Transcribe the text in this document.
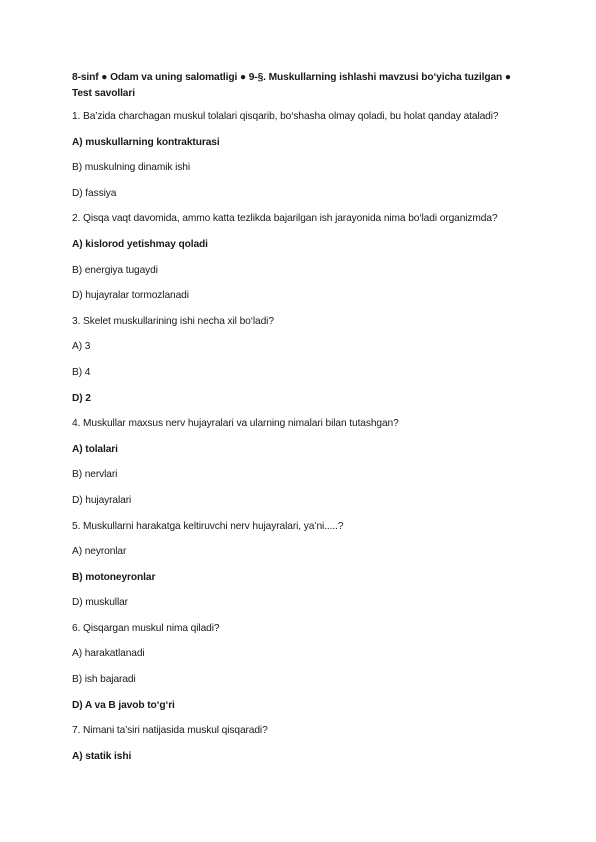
8-sinf ● Odam va uning salomatligi ● 9-§. Muskullarning ishlashi mavzusi bo‘yicha tuzilgan ● Test savollari
1. Ba’zida charchagan muskul tolalari qisqarib, bo‘shasha olmay qoladi, bu holat qanday ataladi?
A) muskullarning kontrakturasi
B) muskulning dinamik ishi
D) fassiya
2. Qisqa vaqt davomida, ammo katta tezlikda bajarilgan ish jarayonida nima bo‘ladi organizmda?
A) kislorod yetishmay qoladi
B) energiya tugaydi
D) hujayralar tormozlanadi
3. Skelet muskullarining ishi necha xil bo‘ladi?
A) 3
B) 4
D) 2
4. Muskullar maxsus nerv hujayralari va ularning nimalari bilan tutashgan?
A) tolalari
B) nervlari
D) hujayralari
5. Muskullarni harakatga keltiruvchi nerv hujayralari, ya’ni.....?
A) neyronlar
B) motoneyronlar
D) muskullar
6. Qisqargan muskul nima qiladi?
A) harakatlanadi
B) ish bajaradi
D) A va B javob to‘g‘ri
7. Nimani ta’siri natijasida muskul qisqaradi?
A) statik ishi
